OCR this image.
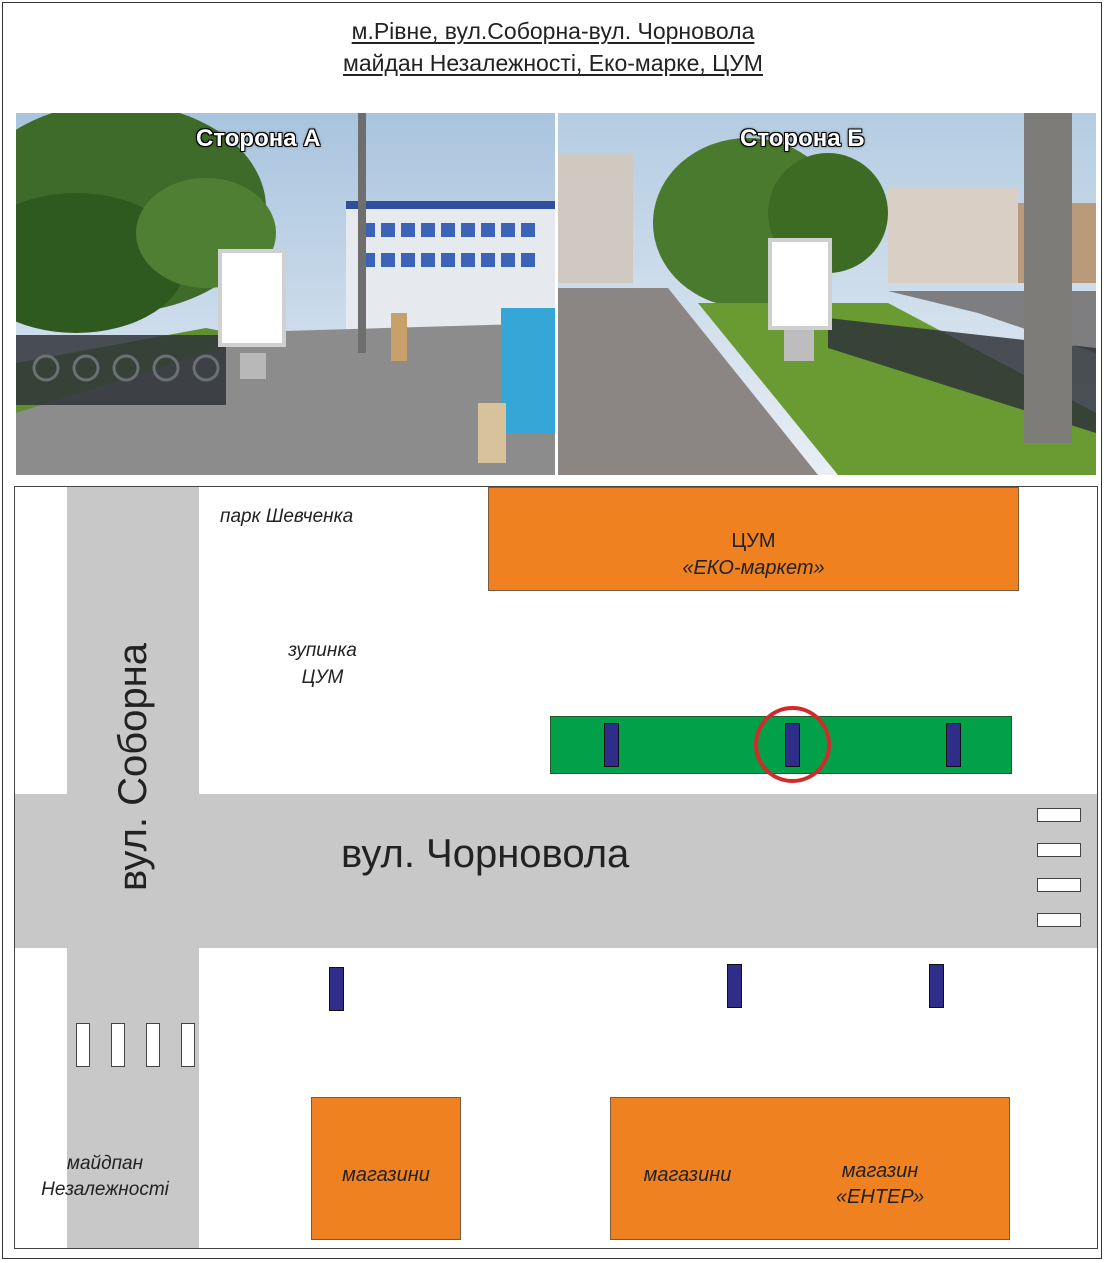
м.Рівне, вул.Соборна-вул. Чорновола
майдан Незалежності, Еко-марке, ЦУМ
Сторона А	Сторона Б
ЦУМ
«ЕКО-маркет»
магазини	магазини	магазин
«ЕНТЕР»
парк Шевченка
зупинка
ЦУМ
вул. Чорновола
вул. Соборна
майдпан
Незалежності
